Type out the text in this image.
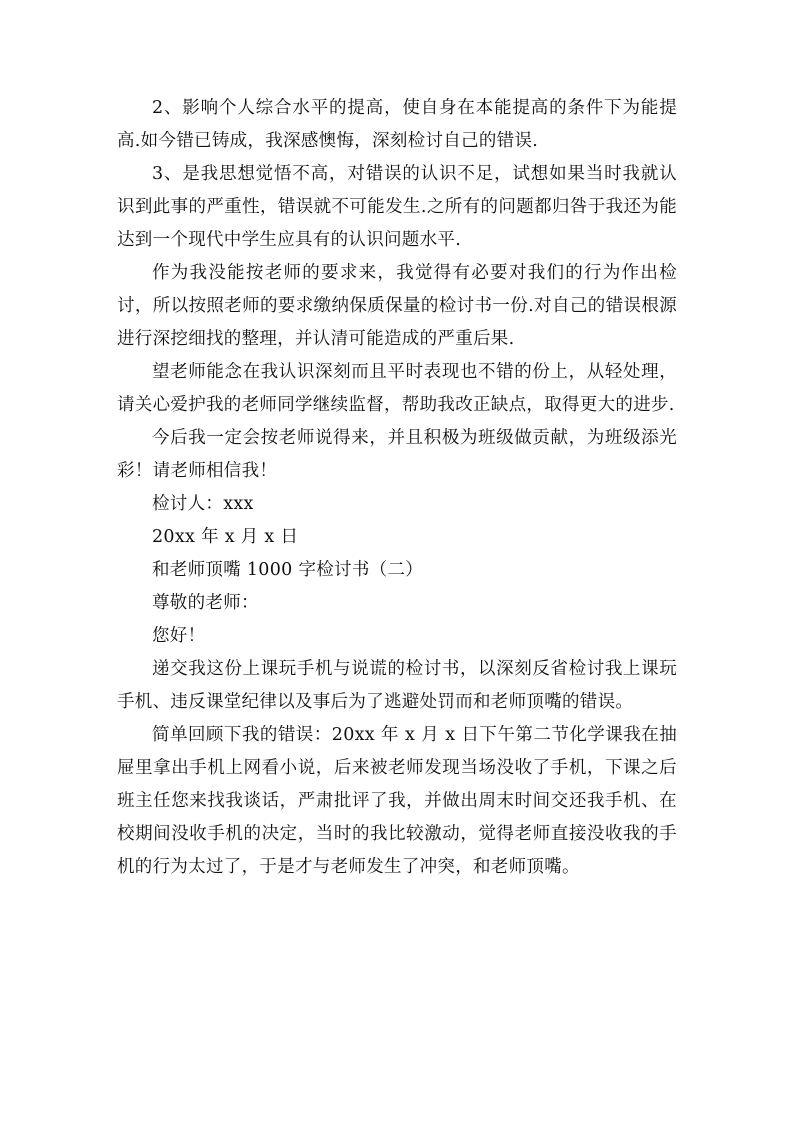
2、影响个人综合水平的提高，使自身在本能提高的条件下为能提高.如今错已铸成，我深感懊悔，深刻检讨自己的错误.

3、是我思想觉悟不高，对错误的认识不足，试想如果当时我就认识到此事的严重性，错误就不可能发生.之所有的问题都归咎于我还为能达到一个现代中学生应具有的认识问题水平.

作为我没能按老师的要求来，我觉得有必要对我们的行为作出检讨，所以按照老师的要求缴纳保质保量的检讨书一份.对自己的错误根源进行深挖细找的整理，并认清可能造成的严重后果.

望老师能念在我认识深刻而且平时表现也不错的份上，从轻处理，请关心爱护我的老师同学继续监督，帮助我改正缺点，取得更大的进步.

今后我一定会按老师说得来，并且积极为班级做贡献，为班级添光彩！请老师相信我！

检讨人：xxx

20xx 年 x 月 x 日

和老师顶嘴 1000 字检讨书（二）

尊敬的老师：

您好！

递交我这份上课玩手机与说谎的检讨书，以深刻反省检讨我上课玩手机、违反课堂纪律以及事后为了逃避处罚而和老师顶嘴的错误。

简单回顾下我的错误：20xx 年 x 月 x 日下午第二节化学课我在抽屉里拿出手机上网看小说，后来被老师发现当场没收了手机，下课之后班主任您来找我谈话，严肃批评了我，并做出周末时间交还我手机、在校期间没收手机的决定，当时的我比较激动，觉得老师直接没收我的手机的行为太过了，于是才与老师发生了冲突，和老师顶嘴。
